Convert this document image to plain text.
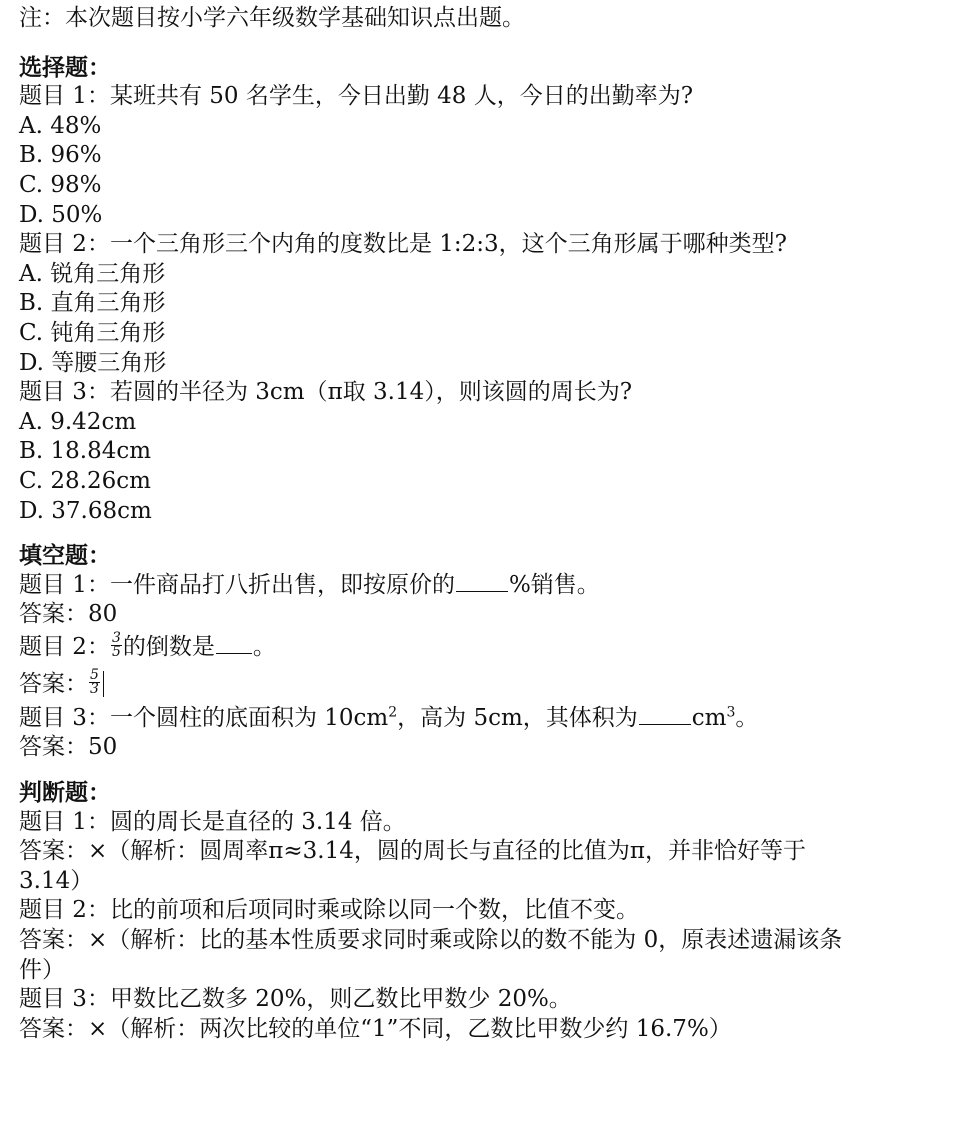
注：本次题目按小学六年级数学基础知识点出题。
选择题：
题目 1：某班共有 50 名学生，今日出勤 48 人，今日的出勤率为?
A. 48%
B. 96%
C. 98%
D. 50%
题目 2：一个三角形三个内角的度数比是 1:2:3，这个三角形属于哪种类型?
A. 锐角三角形
B. 直角三角形
C. 钝角三角形
D. 等腰三角形
题目 3：若圆的半径为 3cm（π取 3.14），则该圆的周长为?
A. 9.42cm
B. 18.84cm
C. 28.26cm
D. 37.68cm
填空题：
题目 1：一件商品打八折出售，即按原价的 %销售。
答案：80
题目 2： $\frac{3}{5}$ 的倒数是 。
答案： $\frac{5}{3}$
题目 3：一个圆柱的底面积为 $10cm^2$，高为 5cm，其体积为 $cm^3$。
答案：50
判断题：
题目 1：圆的周长是直径的 3.14 倍。
答案：×（解析：圆周率π≈3.14，圆的周长与直径的比值为π，并非恰好等于
3.14）
题目 2：比的前项和后项同时乘或除以同一个数，比值不变。
答案：×（解析：比的基本性质要求同时乘或除以的数不能为 0，原表述遗漏该条
件）
题目 3：甲数比乙数多 20%，则乙数比甲数少 20%。
答案：×（解析：两次比较的单位“1”不同，乙数比甲数少约 16.7%）
